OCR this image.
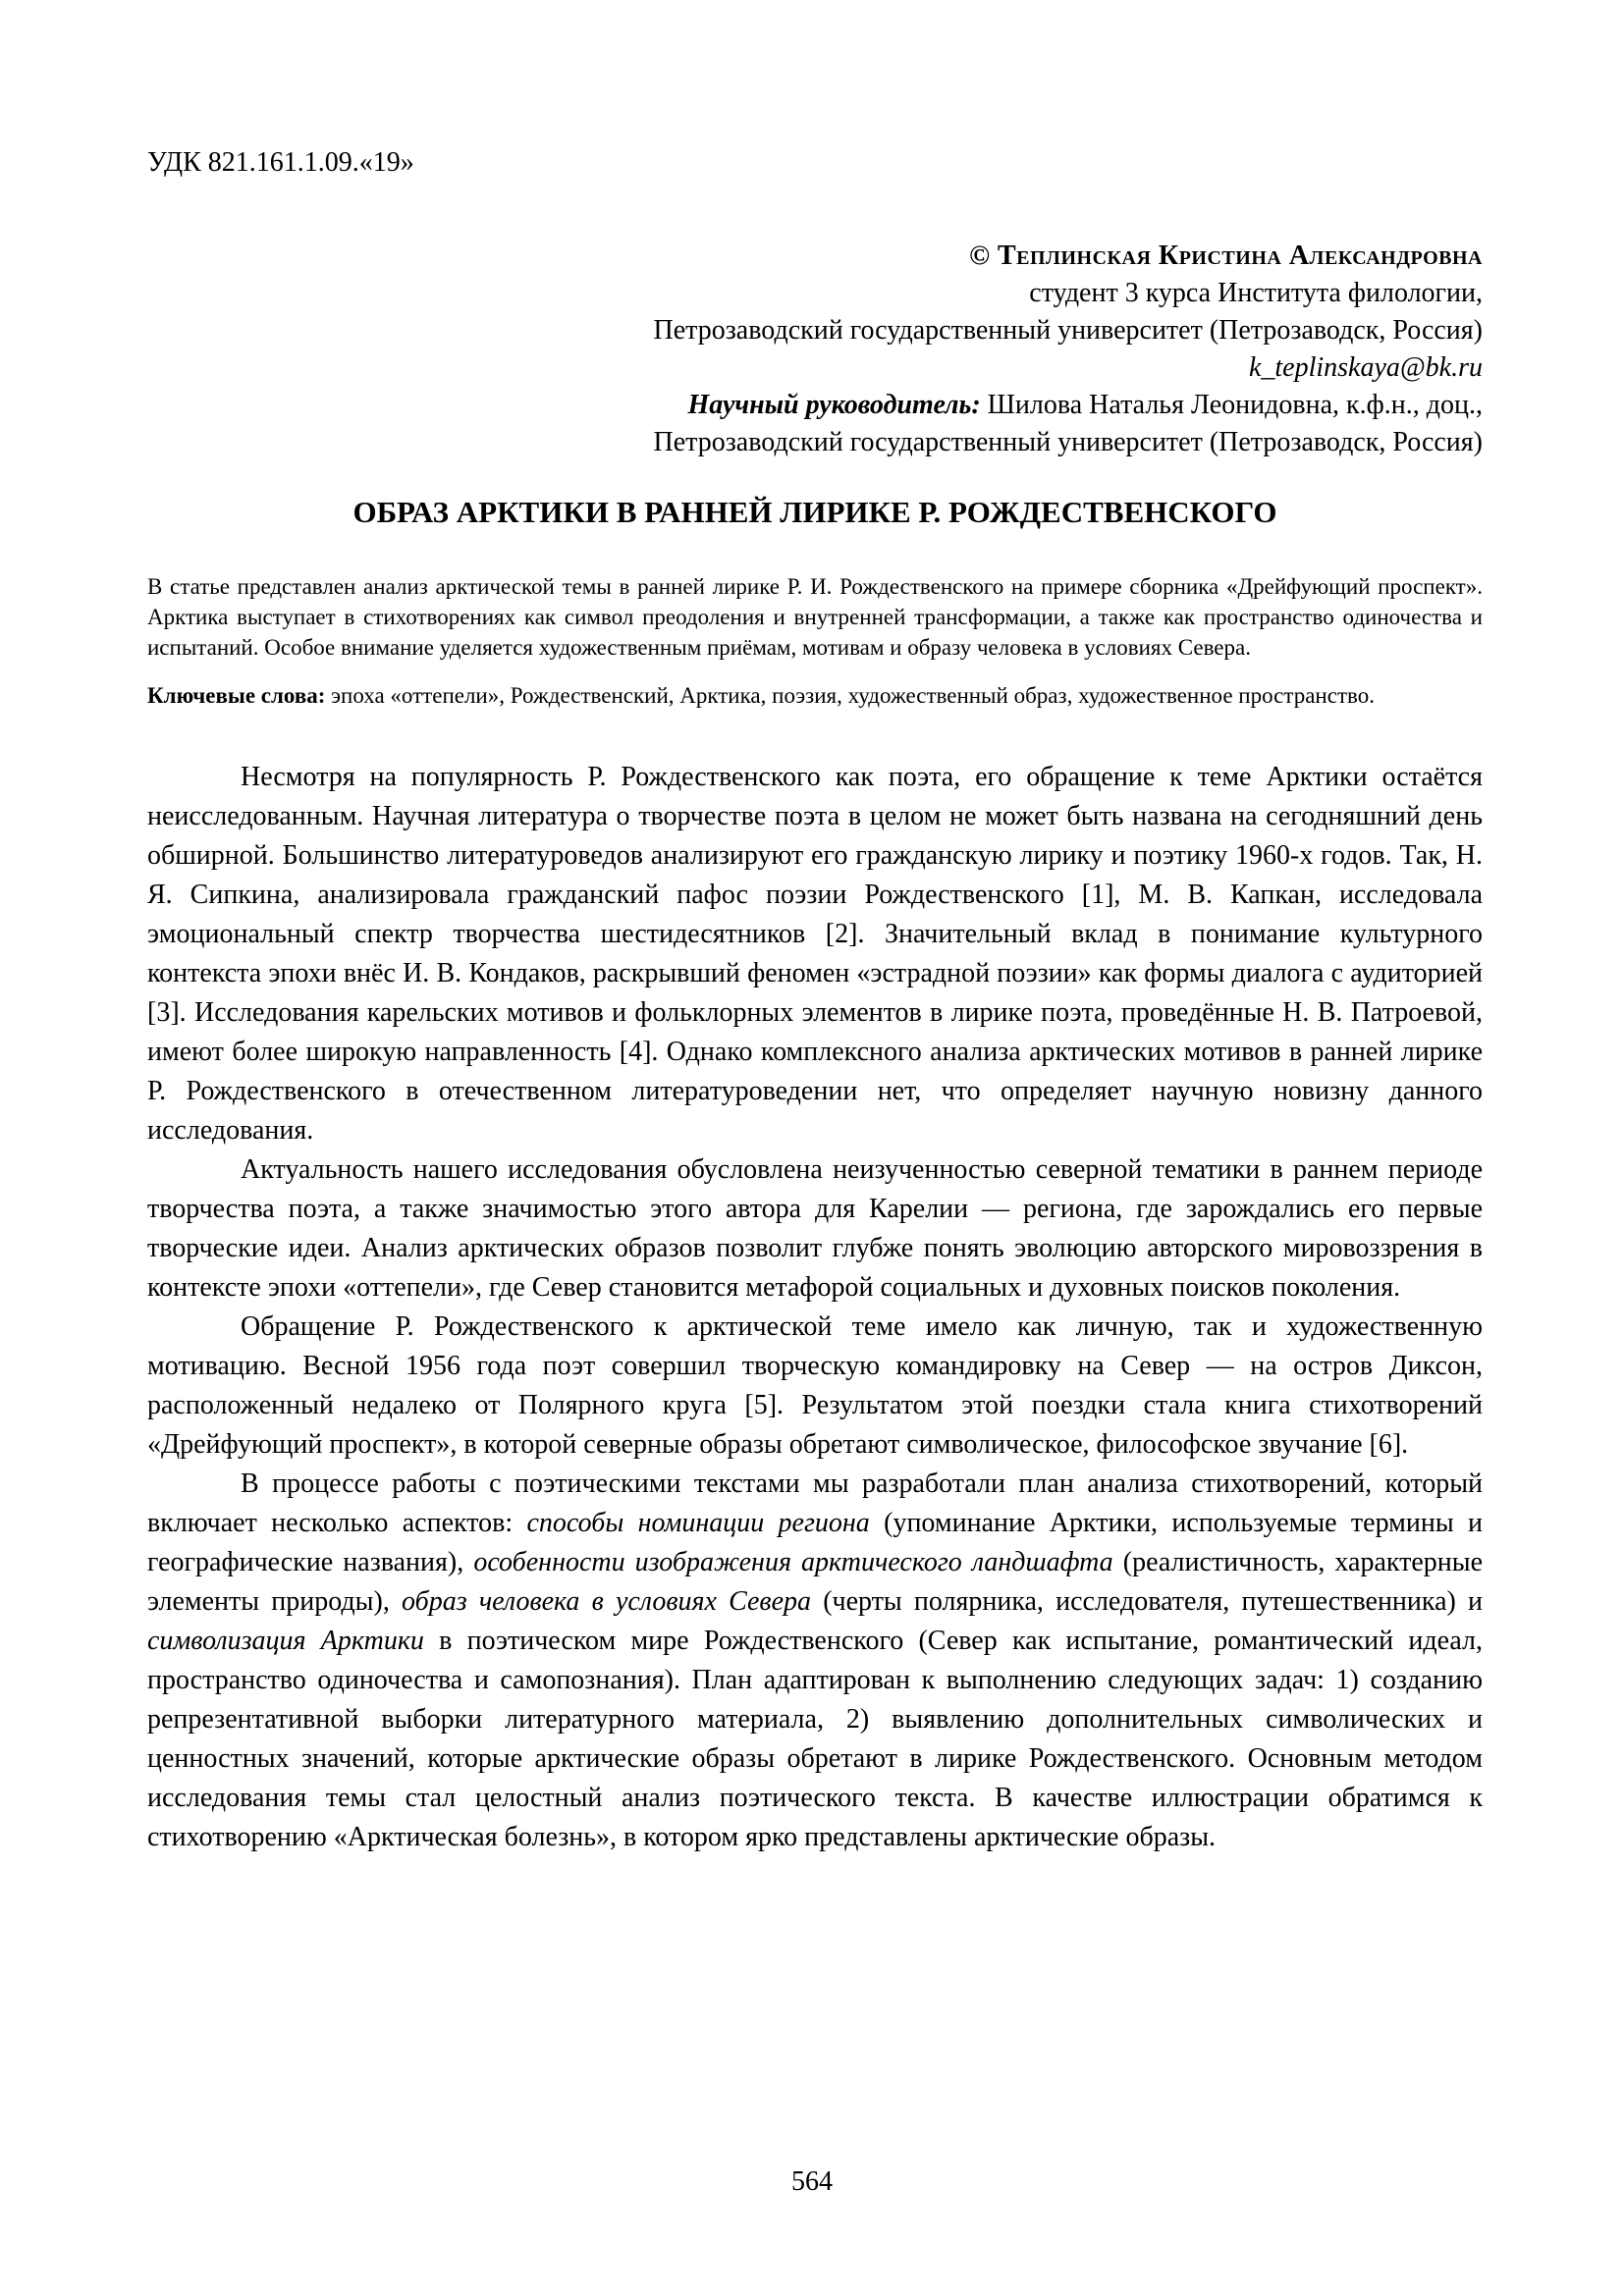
УДК 821.161.1.09.«19»
© Теплинская Кристина Александровна
студент 3 курса Института филологии,
Петрозаводский государственный университет (Петрозаводск, Россия)
k_teplinskaya@bk.ru
Научный руководитель: Шилова Наталья Леонидовна, к.ф.н., доц.,
Петрозаводский государственный университет (Петрозаводск, Россия)
ОБРАЗ АРКТИКИ В РАННЕЙ ЛИРИКЕ Р. РОЖДЕСТВЕНСКОГО
В статье представлен анализ арктической темы в ранней лирике Р. И. Рождественского на примере сборника «Дрейфующий проспект». Арктика выступает в стихотворениях как символ преодоления и внутренней трансформации, а также как пространство одиночества и испытаний. Особое внимание уделяется художественным приёмам, мотивам и образу человека в условиях Севера.
Ключевые слова: эпоха «оттепели», Рождественский, Арктика, поэзия, художественный образ, художественное пространство.

Несмотря на популярность Р. Рождественского как поэта, его обращение к теме Арктики остаётся неисследованным. Научная литература о творчестве поэта в целом не может быть названа на сегодняшний день обширной. Большинство литературоведов анализируют его гражданскую лирику и поэтику 1960-х годов. Так, Н. Я. Сипкина, анализировала гражданский пафос поэзии Рождественского [1], М. В. Капкан, исследовала эмоциональный спектр творчества шестидесятников [2]. Значительный вклад в понимание культурного контекста эпохи внёс И. В. Кондаков, раскрывший феномен «эстрадной поэзии» как формы диалога с аудиторией [3]. Исследования карельских мотивов и фольклорных элементов в лирике поэта, проведённые Н. В. Патроевой, имеют более широкую направленность [4]. Однако комплексного анализа арктических мотивов в ранней лирике Р. Рождественского в отечественном литературоведении нет, что определяет научную новизну данного исследования.

Актуальность нашего исследования обусловлена неизученностью северной тематики в раннем периоде творчества поэта, а также значимостью этого автора для Карелии — региона, где зарождались его первые творческие идеи. Анализ арктических образов позволит глубже понять эволюцию авторского мировоззрения в контексте эпохи «оттепели», где Север становится метафорой социальных и духовных поисков поколения.

Обращение Р. Рождественского к арктической теме имело как личную, так и художественную мотивацию. Весной 1956 года поэт совершил творческую командировку на Север — на остров Диксон, расположенный недалеко от Полярного круга [5]. Результатом этой поездки стала книга стихотворений «Дрейфующий проспект», в которой северные образы обретают символическое, философское звучание [6].

В процессе работы с поэтическими текстами мы разработали план анализа стихотворений, который включает несколько аспектов: способы номинации региона (упоминание Арктики, используемые термины и географические названия), особенности изображения арктического ландшафта (реалистичность, характерные элементы природы), образ человека в условиях Севера (черты полярника, исследователя, путешественника) и символизация Арктики в поэтическом мире Рождественского (Север как испытание, романтический идеал, пространство одиночества и самопознания). План адаптирован к выполнению следующих задач: 1) созданию репрезентативной выборки литературного материала, 2) выявлению дополнительных символических и ценностных значений, которые арктические образы обретают в лирике Рождественского. Основным методом исследования темы стал целостный анализ поэтического текста. В качестве иллюстрации обратимся к стихотворению «Арктическая болезнь», в котором ярко представлены арктические образы.

564
